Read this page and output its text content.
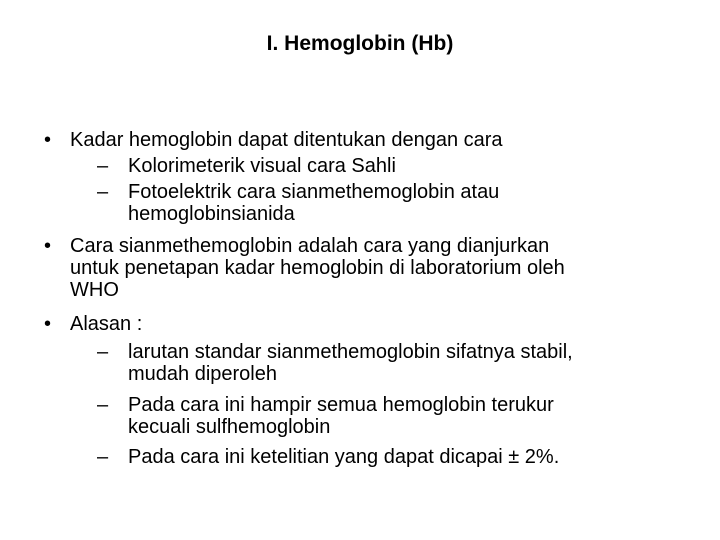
I. Hemoglobin (Hb)
• Kadar hemoglobin dapat ditentukan dengan cara
– Kolorimeterik visual cara Sahli
– Fotoelektrik cara sianmethemoglobin atau
hemoglobinsianida
• Cara sianmethemoglobin adalah cara yang dianjurkan
untuk penetapan kadar hemoglobin di laboratorium oleh
WHO
• Alasan :
– larutan standar sianmethemoglobin sifatnya stabil,
mudah diperoleh
– Pada cara ini hampir semua hemoglobin terukur
kecuali sulfhemoglobin
– Pada cara ini ketelitian yang dapat dicapai ± 2%.
